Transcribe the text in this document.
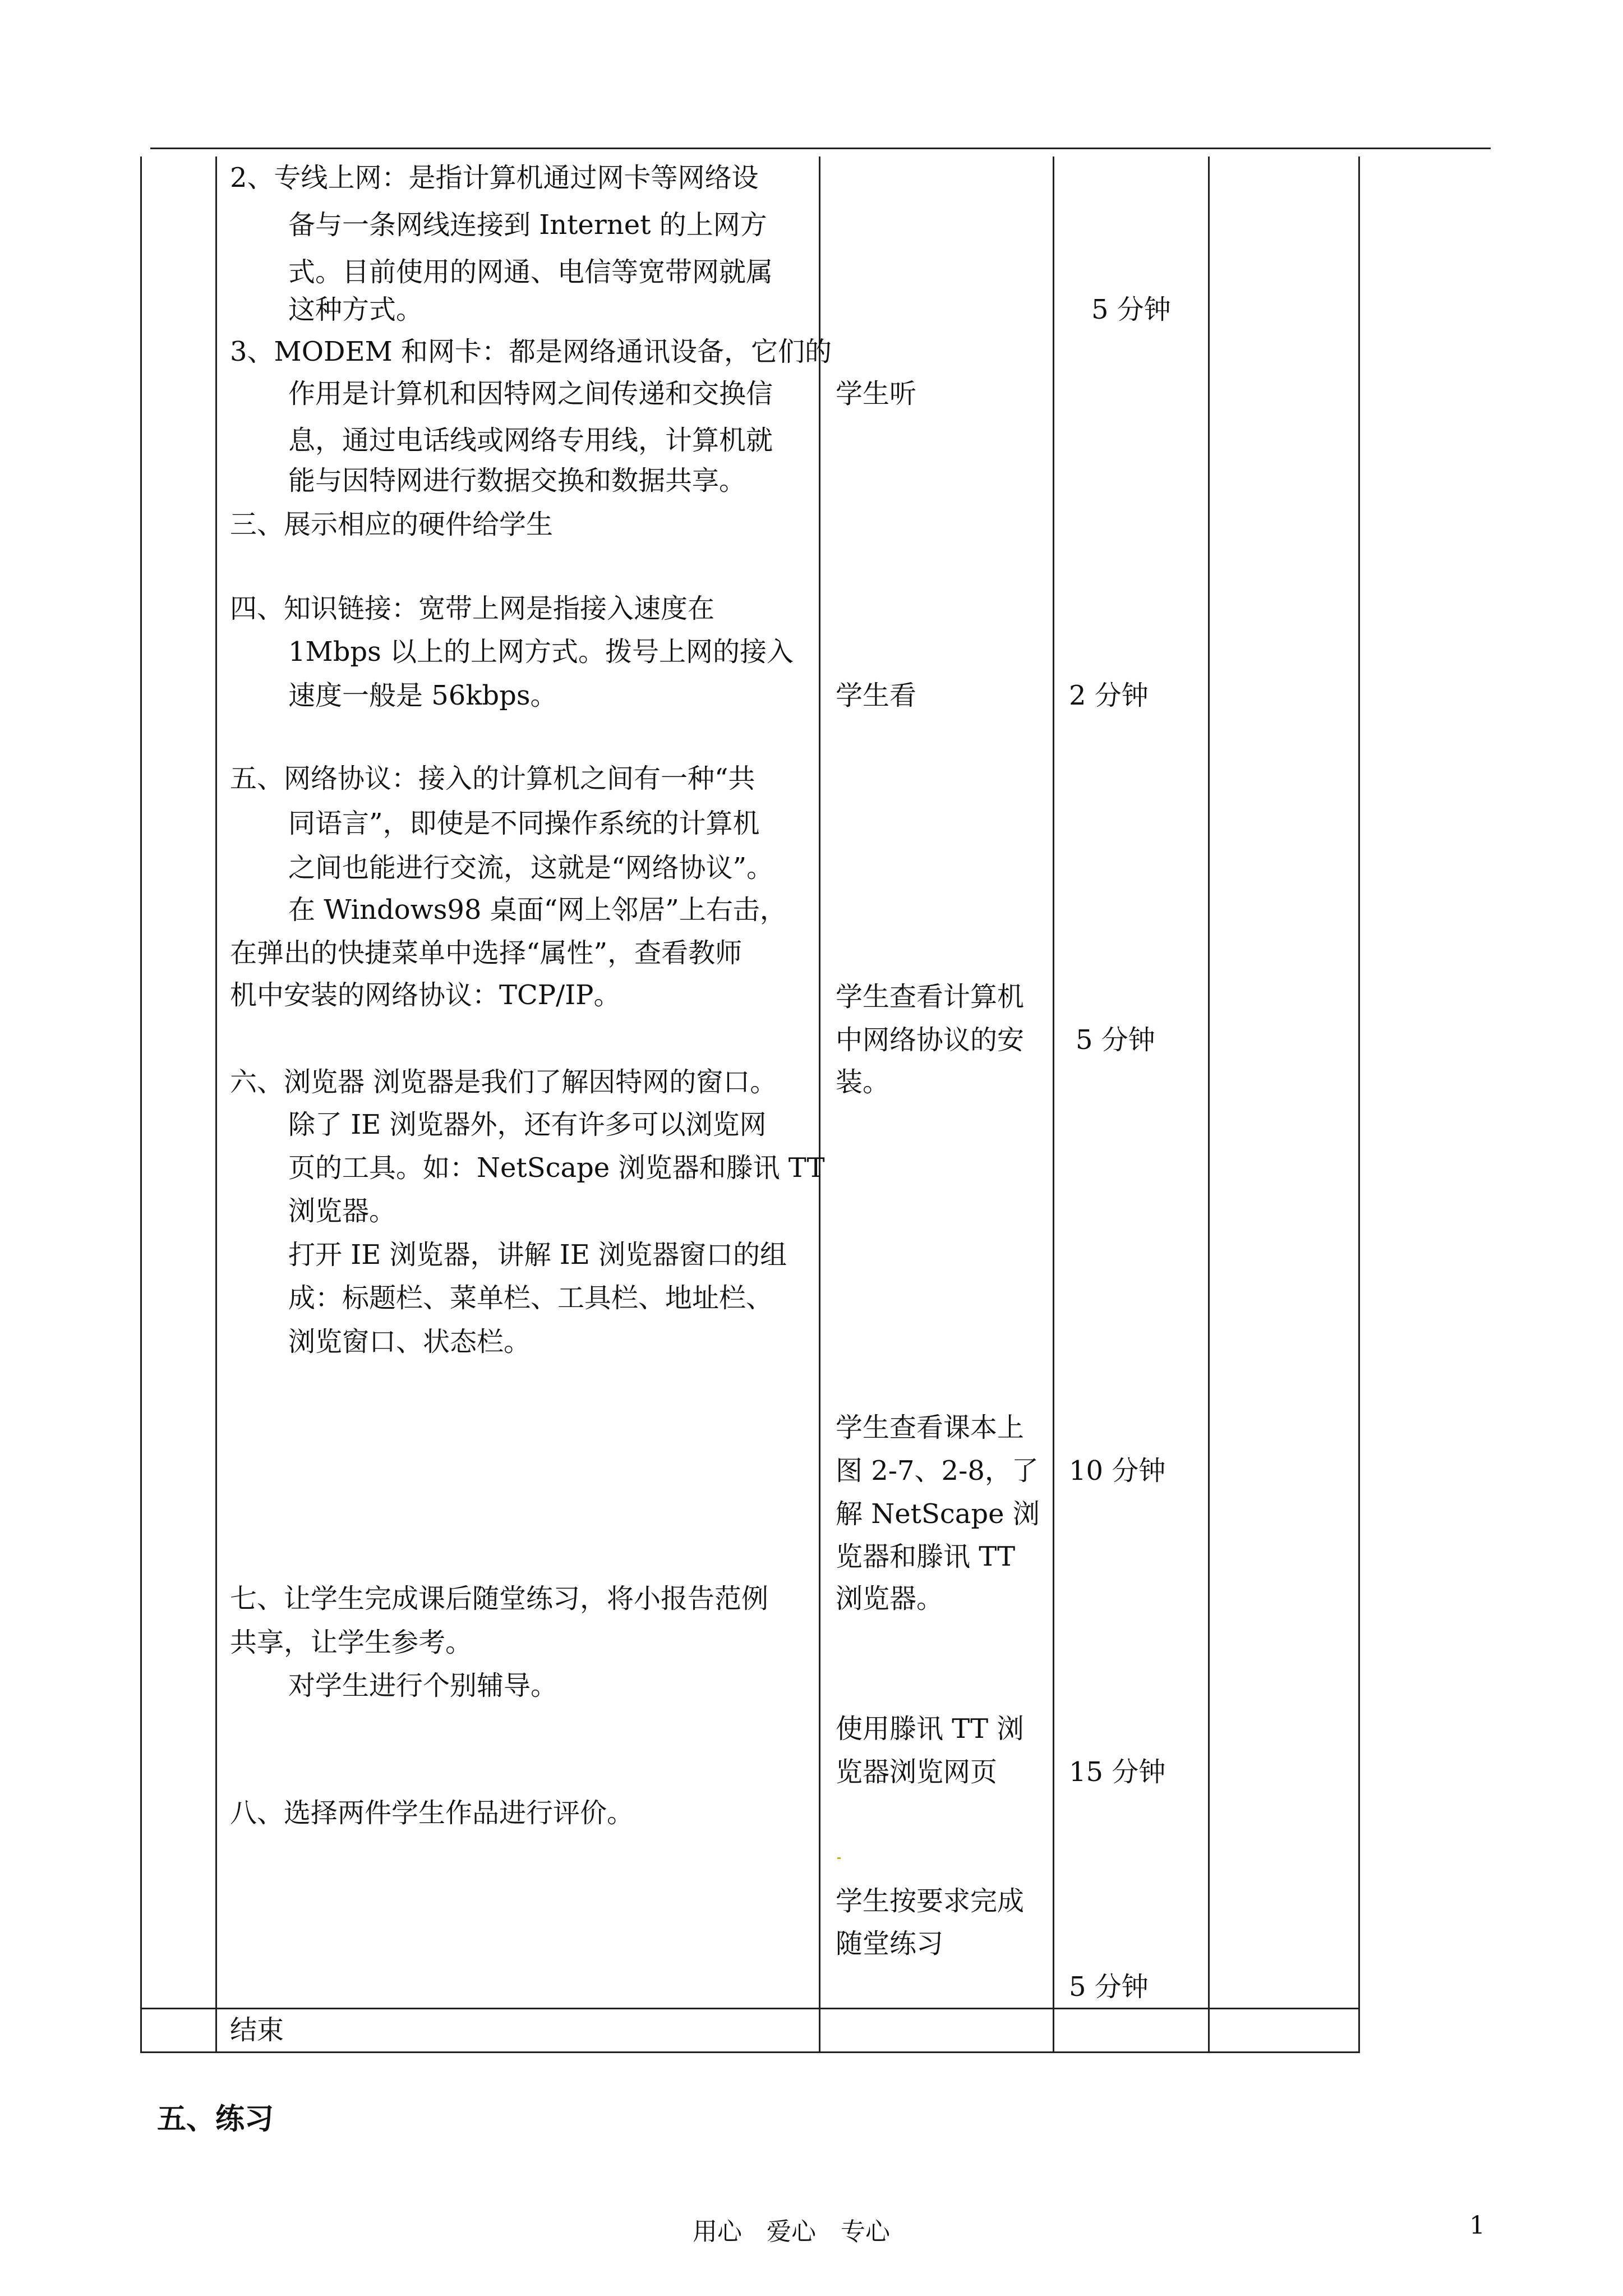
2、专线上网：是指计算机通过网卡等网络设
备与一条网线连接到 Internet 的上网方
式。目前使用的网通、电信等宽带网就属
这种方式。
3、MODEM 和网卡：都是网络通讯设备，它们的
作用是计算机和因特网之间传递和交换信
息，通过电话线或网络专用线，计算机就
能与因特网进行数据交换和数据共享。
三、展示相应的硬件给学生
四、知识链接：宽带上网是指接入速度在
1Mbps 以上的上网方式。拨号上网的接入
速度一般是 56kbps。
五、网络协议：接入的计算机之间有一种“共
同语言”，即使是不同操作系统的计算机
之间也能进行交流，这就是“网络协议”。
在 Windows98 桌面“网上邻居”上右击，
在弹出的快捷菜单中选择“属性”，查看教师
机中安装的网络协议：TCP/IP。
六、浏览器 浏览器是我们了解因特网的窗口。
除了 IE 浏览器外，还有许多可以浏览网
页的工具。如：NetScape 浏览器和滕讯 TT
浏览器。
打开 IE 浏览器，讲解 IE 浏览器窗口的组
成：标题栏、菜单栏、工具栏、地址栏、
浏览窗口、状态栏。
七、让学生完成课后随堂练习，将小报告范例
共享，让学生参考。
对学生进行个别辅导。
八、选择两件学生作品进行评价。
结束
学生听
学生看
学生查看计算机
中网络协议的安
装。
学生查看课本上
图 2-7、2-8，了
解 NetScape 浏
览器和滕讯 TT
浏览器。
使用滕讯 TT 浏
览器浏览网页
学生按要求完成
随堂练习
5 分钟
2 分钟
5 分钟
10 分钟
15 分钟
5 分钟
五、练习
用心　爱心　专心	1
